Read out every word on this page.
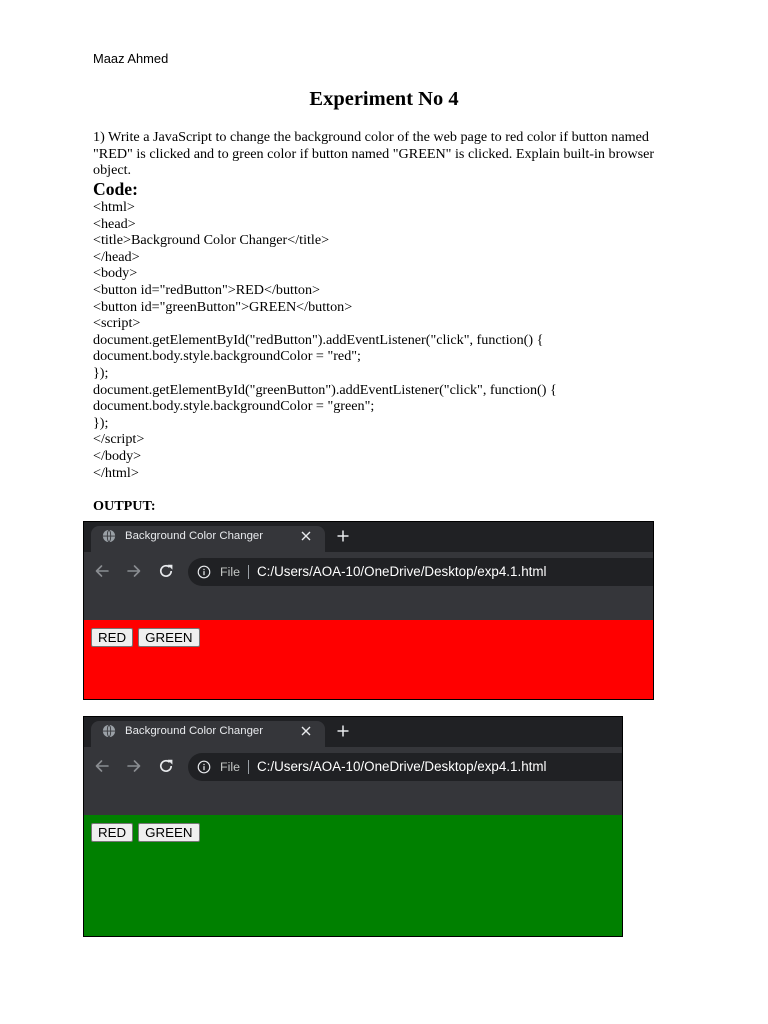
Maaz Ahmed
Experiment No 4
1) Write a JavaScript to change the background color of the web page to red color if button named
"RED" is clicked and to green color if button named "GREEN" is clicked. Explain built-in browser
object.
Code:
<html>
<head>
<title>Background Color Changer</title>
</head>
<body>
<button id="redButton">RED</button>
<button id="greenButton">GREEN</button>
<script>
document.getElementById("redButton").addEventListener("click", function() {
document.body.style.backgroundColor = "red";
});
document.getElementById("greenButton").addEventListener("click", function() {
document.body.style.backgroundColor = "green";
});
</script>
</body>
</html>
OUTPUT:
Background Color Changer
File C:/Users/AOA-10/OneDrive/Desktop/exp4.1.html
RED	GREEN
Background Color Changer
File C:/Users/AOA-10/OneDrive/Desktop/exp4.1.html
RED	GREEN
